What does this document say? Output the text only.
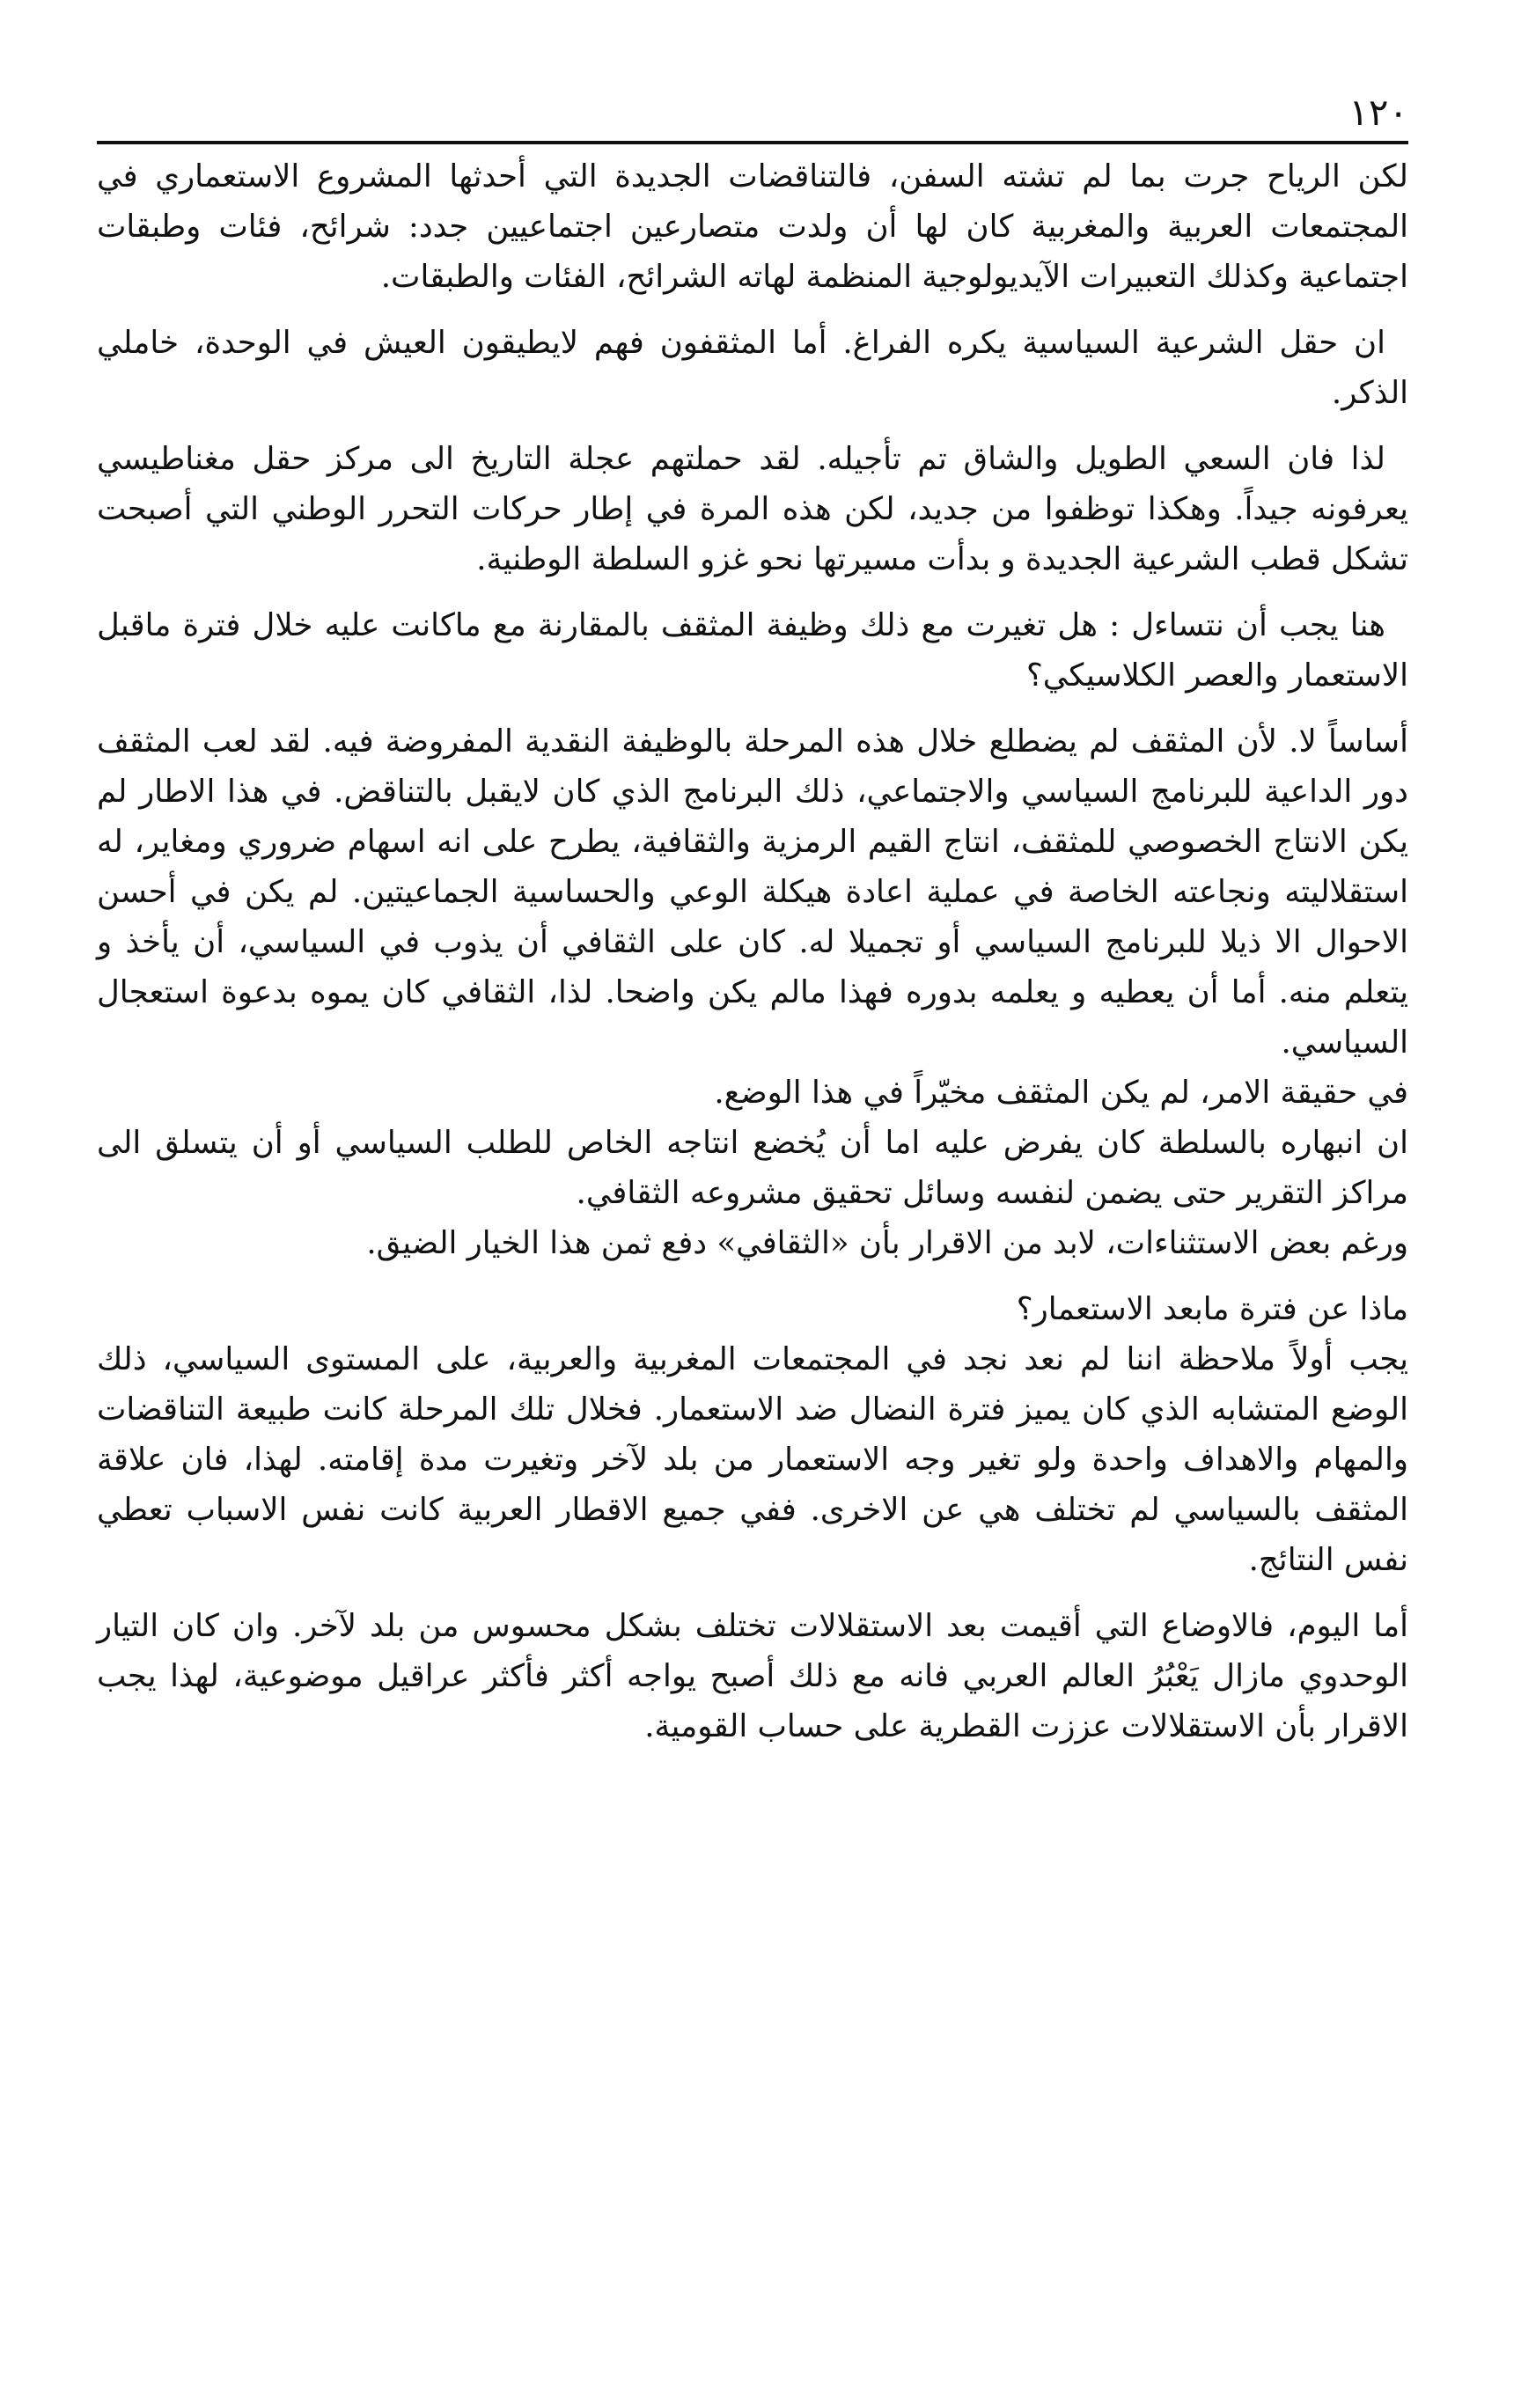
١٢٠

لكن الرياح جرت بما لم تشته السفن، فالتناقضات الجديدة التي أحدثها المشروع الاستعماري في المجتمعات العربية والمغربية كان لها أن ولدت متصارعين اجتماعيين جدد: شرائح، فئات وطبقات اجتماعية وكذلك التعبيرات الآيديولوجية المنظمة لهاته الشرائح، الفئات والطبقات.

ان حقل الشرعية السياسية يكره الفراغ. أما المثقفون فهم لايطيقون العيش في الوحدة، خاملي الذكر.

لذا فان السعي الطويل والشاق تم تأجيله. لقد حملتهم عجلة التاريخ الى مركز حقل مغناطيسي يعرفونه جيداً. وهكذا توظفوا من جديد، لكن هذه المرة في إطار حركات التحرر الوطني التي أصبحت تشكل قطب الشرعية الجديدة و بدأت مسيرتها نحو غزو السلطة الوطنية.

هنا يجب أن نتساءل : هل تغيرت مع ذلك وظيفة المثقف بالمقارنة مع ماكانت عليه خلال فترة ماقبل الاستعمار والعصر الكلاسيكي؟

أساساً لا. لأن المثقف لم يضطلع خلال هذه المرحلة بالوظيفة النقدية المفروضة فيه. لقد لعب المثقف دور الداعية للبرنامج السياسي والاجتماعي، ذلك البرنامج الذي كان لايقبل بالتناقض. في هذا الاطار لم يكن الانتاج الخصوصي للمثقف، انتاج القيم الرمزية والثقافية، يطرح على انه اسهام ضروري ومغاير، له استقلاليته ونجاعته الخاصة في عملية اعادة هيكلة الوعي والحساسية الجماعيتين. لم يكن في أحسن الاحوال الا ذيلا للبرنامج السياسي أو تجميلا له. كان على الثقافي أن يذوب في السياسي، أن يأخذ و يتعلم منه. أما أن يعطيه و يعلمه بدوره فهذا مالم يكن واضحا. لذا، الثقافي كان يموه بدعوة استعجال السياسي.

في حقيقة الامر، لم يكن المثقف مخيّراً في هذا الوضع.

ان انبهاره بالسلطة كان يفرض عليه اما أن يُخضع انتاجه الخاص للطلب السياسي أو أن يتسلق الى مراكز التقرير حتى يضمن لنفسه وسائل تحقيق مشروعه الثقافي.

ورغم بعض الاستثناءات، لابد من الاقرار بأن «الثقافي» دفع ثمن هذا الخيار الضيق.

ماذا عن فترة مابعد الاستعمار؟

يجب أولاً ملاحظة اننا لم نعد نجد في المجتمعات المغربية والعربية، على المستوى السياسي، ذلك الوضع المتشابه الذي كان يميز فترة النضال ضد الاستعمار. فخلال تلك المرحلة كانت طبيعة التناقضات والمهام والاهداف واحدة ولو تغير وجه الاستعمار من بلد لآخر وتغيرت مدة إقامته. لهذا، فان علاقة المثقف بالسياسي لم تختلف هي عن الاخرى. ففي جميع الاقطار العربية كانت نفس الاسباب تعطي نفس النتائج.

أما اليوم، فالاوضاع التي أقيمت بعد الاستقلالات تختلف بشكل محسوس من بلد لآخر. وان كان التيار الوحدوي مازال يَعْبُرُ العالم العربي فانه مع ذلك أصبح يواجه أكثر فأكثر عراقيل موضوعية، لهذا يجب الاقرار بأن الاستقلالات عززت القطرية على حساب القومية.
